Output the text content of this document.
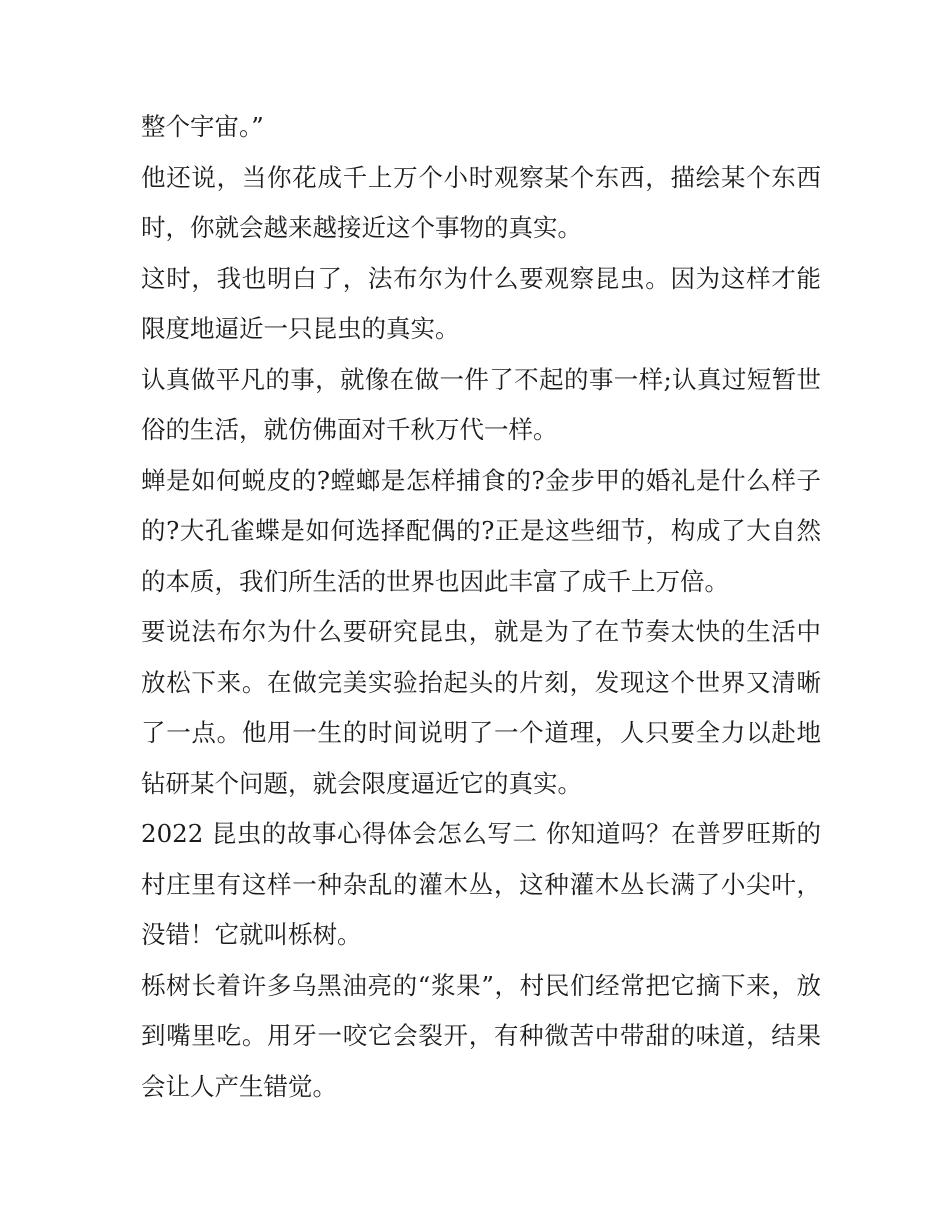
整个宇宙。”

他还说，当你花成千上万个小时观察某个东西，描绘某个东西时，你就会越来越接近这个事物的真实。

这时，我也明白了，法布尔为什么要观察昆虫。因为这样才能限度地逼近一只昆虫的真实。

认真做平凡的事，就像在做一件了不起的事一样;认真过短暂世俗的生活，就仿佛面对千秋万代一样。

蝉是如何蜕皮的?螳螂是怎样捕食的?金步甲的婚礼是什么样子的?大孔雀蝶是如何选择配偶的?正是这些细节，构成了大自然的本质，我们所生活的世界也因此丰富了成千上万倍。

要说法布尔为什么要研究昆虫，就是为了在节奏太快的生活中放松下来。在做完美实验抬起头的片刻，发现这个世界又清晰了一点。他用一生的时间说明了一个道理，人只要全力以赴地钻研某个问题，就会限度逼近它的真实。

2022 昆虫的故事心得体会怎么写二 你知道吗？在普罗旺斯的村庄里有这样一种杂乱的灌木丛，这种灌木丛长满了小尖叶，没错！它就叫栎树。

栎树长着许多乌黑油亮的“浆果”，村民们经常把它摘下来，放到嘴里吃。用牙一咬它会裂开，有种微苦中带甜的味道，结果会让人产生错觉。
